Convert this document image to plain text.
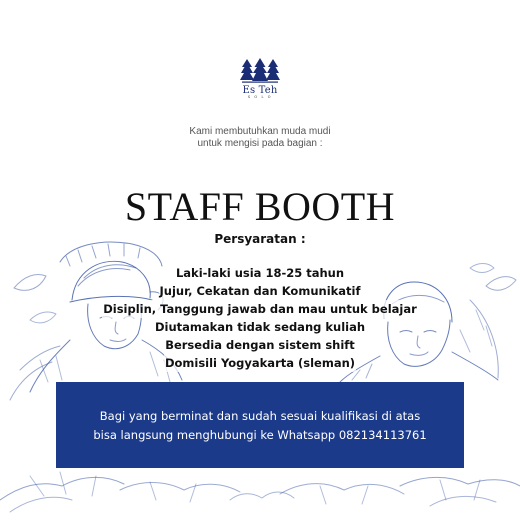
Es Teh
S O L O
Kami membutuhkan muda mudi
untuk mengisi pada bagian :
STAFF BOOTH
Persyaratan :
Laki-laki usia 18-25 tahun
Jujur, Cekatan dan Komunikatif
Disiplin, Tanggung jawab dan mau untuk belajar
Diutamakan tidak sedang kuliah
Bersedia dengan sistem shift
Domisili Yogyakarta (sleman)
Bagi yang berminat dan sudah sesuai kualifikasi di atas
bisa langsung menghubungi ke Whatsapp 082134113761
